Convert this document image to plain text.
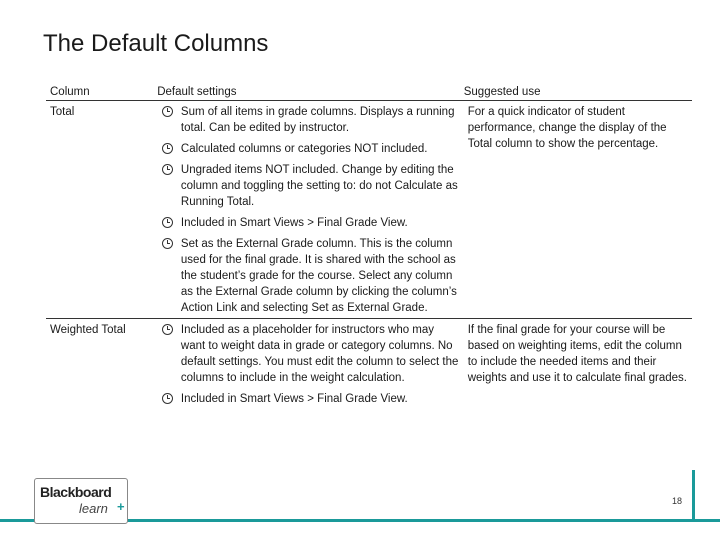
The Default Columns
Column	Default settings		Suggested use
Total		Sum of all items in grade columns. Displays a running total. Can be edited by instructor.	For a quick indicator of student performance, change the display of the Total column to show the percentage.
		Calculated columns or categories NOT included.	
		Ungraded items NOT included. Change by editing the column and toggling the setting to: do not Calculate as Running Total.	
		Included in Smart Views > Final Grade View.	
		Set as the External Grade column. This is the column used for the final grade. It is shared with the school as the student’s grade for the course. Select any column as the External Grade column by clicking the column’s Action Link and selecting Set as External Grade.	
Weighted Total		Included as a placeholder for instructors who may want to weight data in grade or category columns. No default settings. You must edit the column to select the columns to include in the weight calculation.	If the final grade for your course will be based on weighting items, edit the column to include the needed items and their weights and use it to calculate final grades.
		Included in Smart Views > Final Grade View.	
Blackboard
learn +	18
